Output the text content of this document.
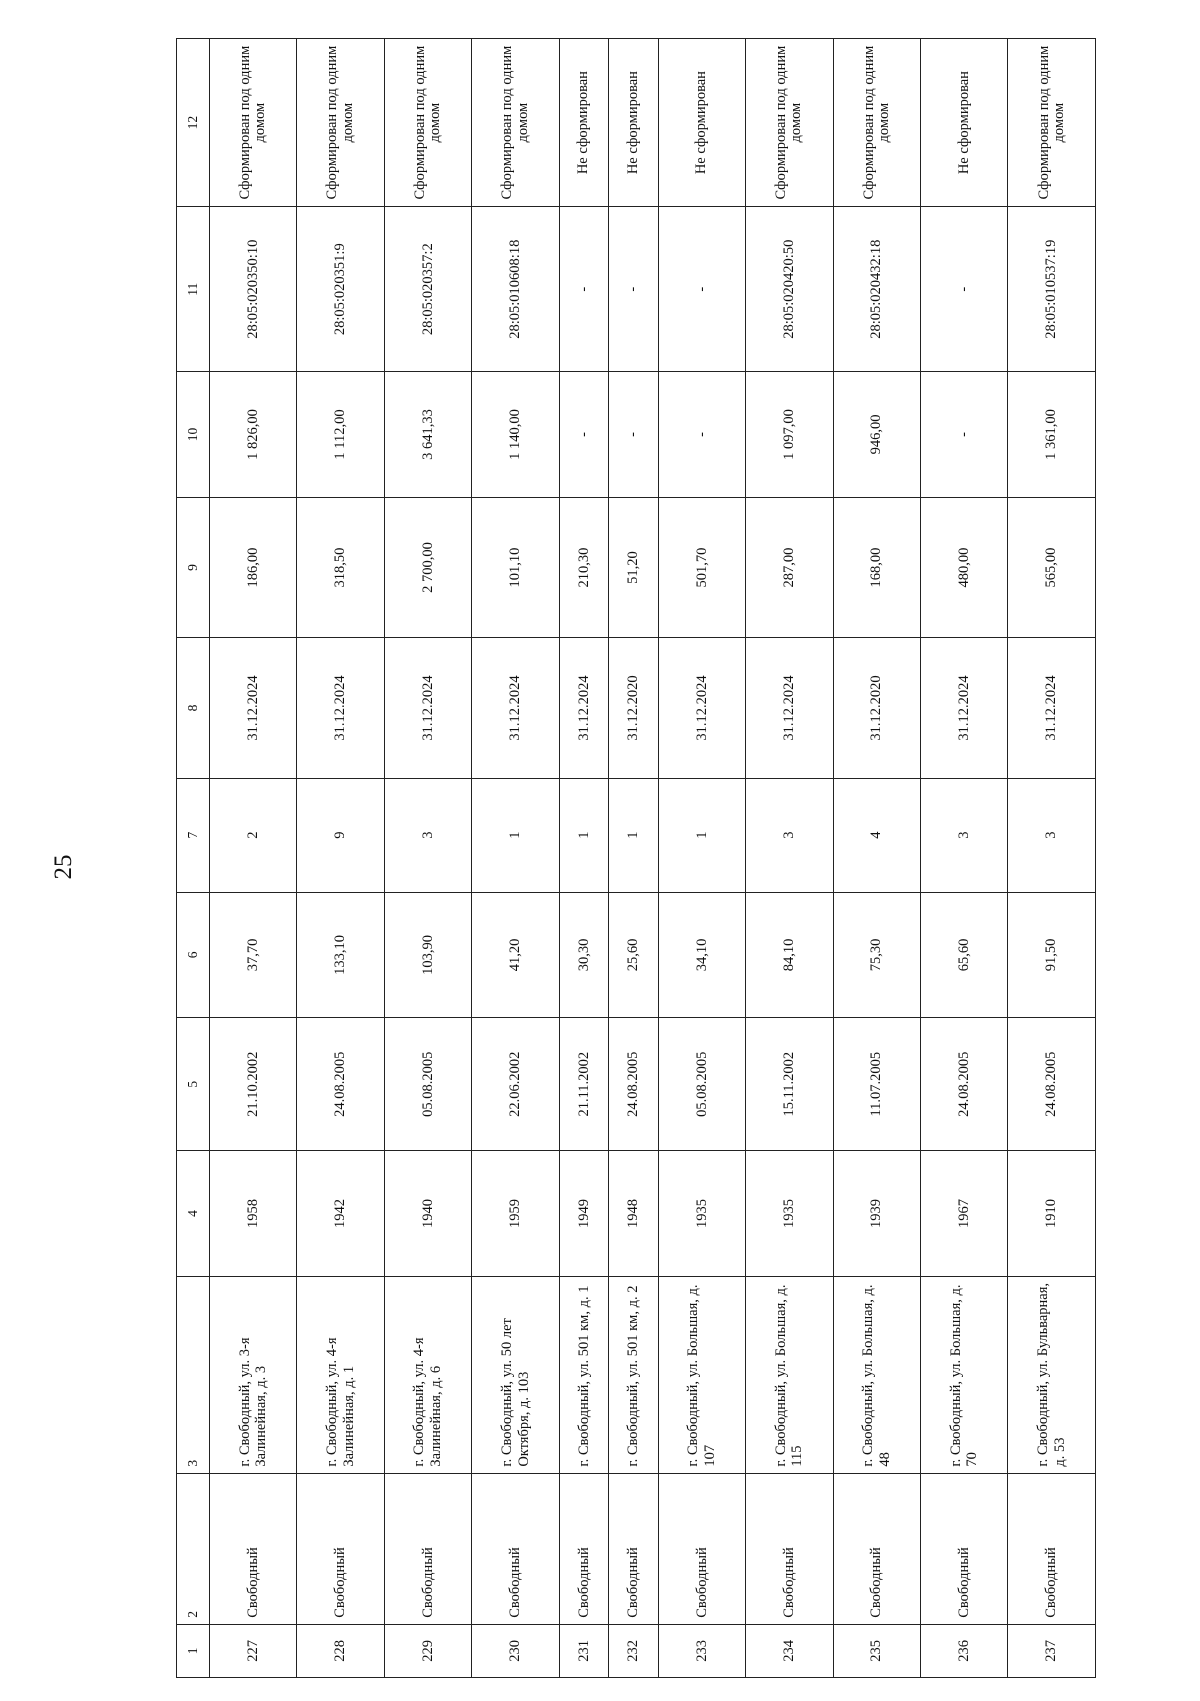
25
1	2	3	4	5	6	7	8	9	10	11	12
227	Свободный	г. Свободный, ул. 3-я Залинейная, д. 3	1958	21.10.2002	37,70	2	31.12.2024	186,00	1 826,00	28:05:020350:10	Сформирован под одним домом
228	Свободный	г. Свободный, ул. 4-я Залинейная, д. 1	1942	24.08.2005	133,10	9	31.12.2024	318,50	1 112,00	28:05:020351:9	Сформирован под одним домом
229	Свободный	г. Свободный, ул. 4-я Залинейная, д. 6	1940	05.08.2005	103,90	3	31.12.2024	2 700,00	3 641,33	28:05:020357:2	Сформирован под одним домом
230	Свободный	г. Свободный, ул. 50 лет Октября, д. 103	1959	22.06.2002	41,20	1	31.12.2024	101,10	1 140,00	28:05:010608:18	Сформирован под одним домом
231	Свободный	г. Свободный, ул. 501 км, д. 1	1949	21.11.2002	30,30	1	31.12.2024	210,30	-	-	Не сформирован
232	Свободный	г. Свободный, ул. 501 км, д. 2	1948	24.08.2005	25,60	1	31.12.2020	51,20	-	-	Не сформирован
233	Свободный	г. Свободный, ул. Большая, д. 107	1935	05.08.2005	34,10	1	31.12.2024	501,70	-	-	Не сформирован
234	Свободный	г. Свободный, ул. Большая, д. 115	1935	15.11.2002	84,10	3	31.12.2024	287,00	1 097,00	28:05:020420:50	Сформирован под одним домом
235	Свободный	г. Свободный, ул. Большая, д. 48	1939	11.07.2005	75,30	4	31.12.2020	168,00	946,00	28:05:020432:18	Сформирован под одним домом
236	Свободный	г. Свободный, ул. Большая, д. 70	1967	24.08.2005	65,60	3	31.12.2024	480,00	-	-	Не сформирован
237	Свободный	г. Свободный, ул. Бульварная, д. 53	1910	24.08.2005	91,50	3	31.12.2024	565,00	1 361,00	28:05:010537:19	Сформирован под одним домом
